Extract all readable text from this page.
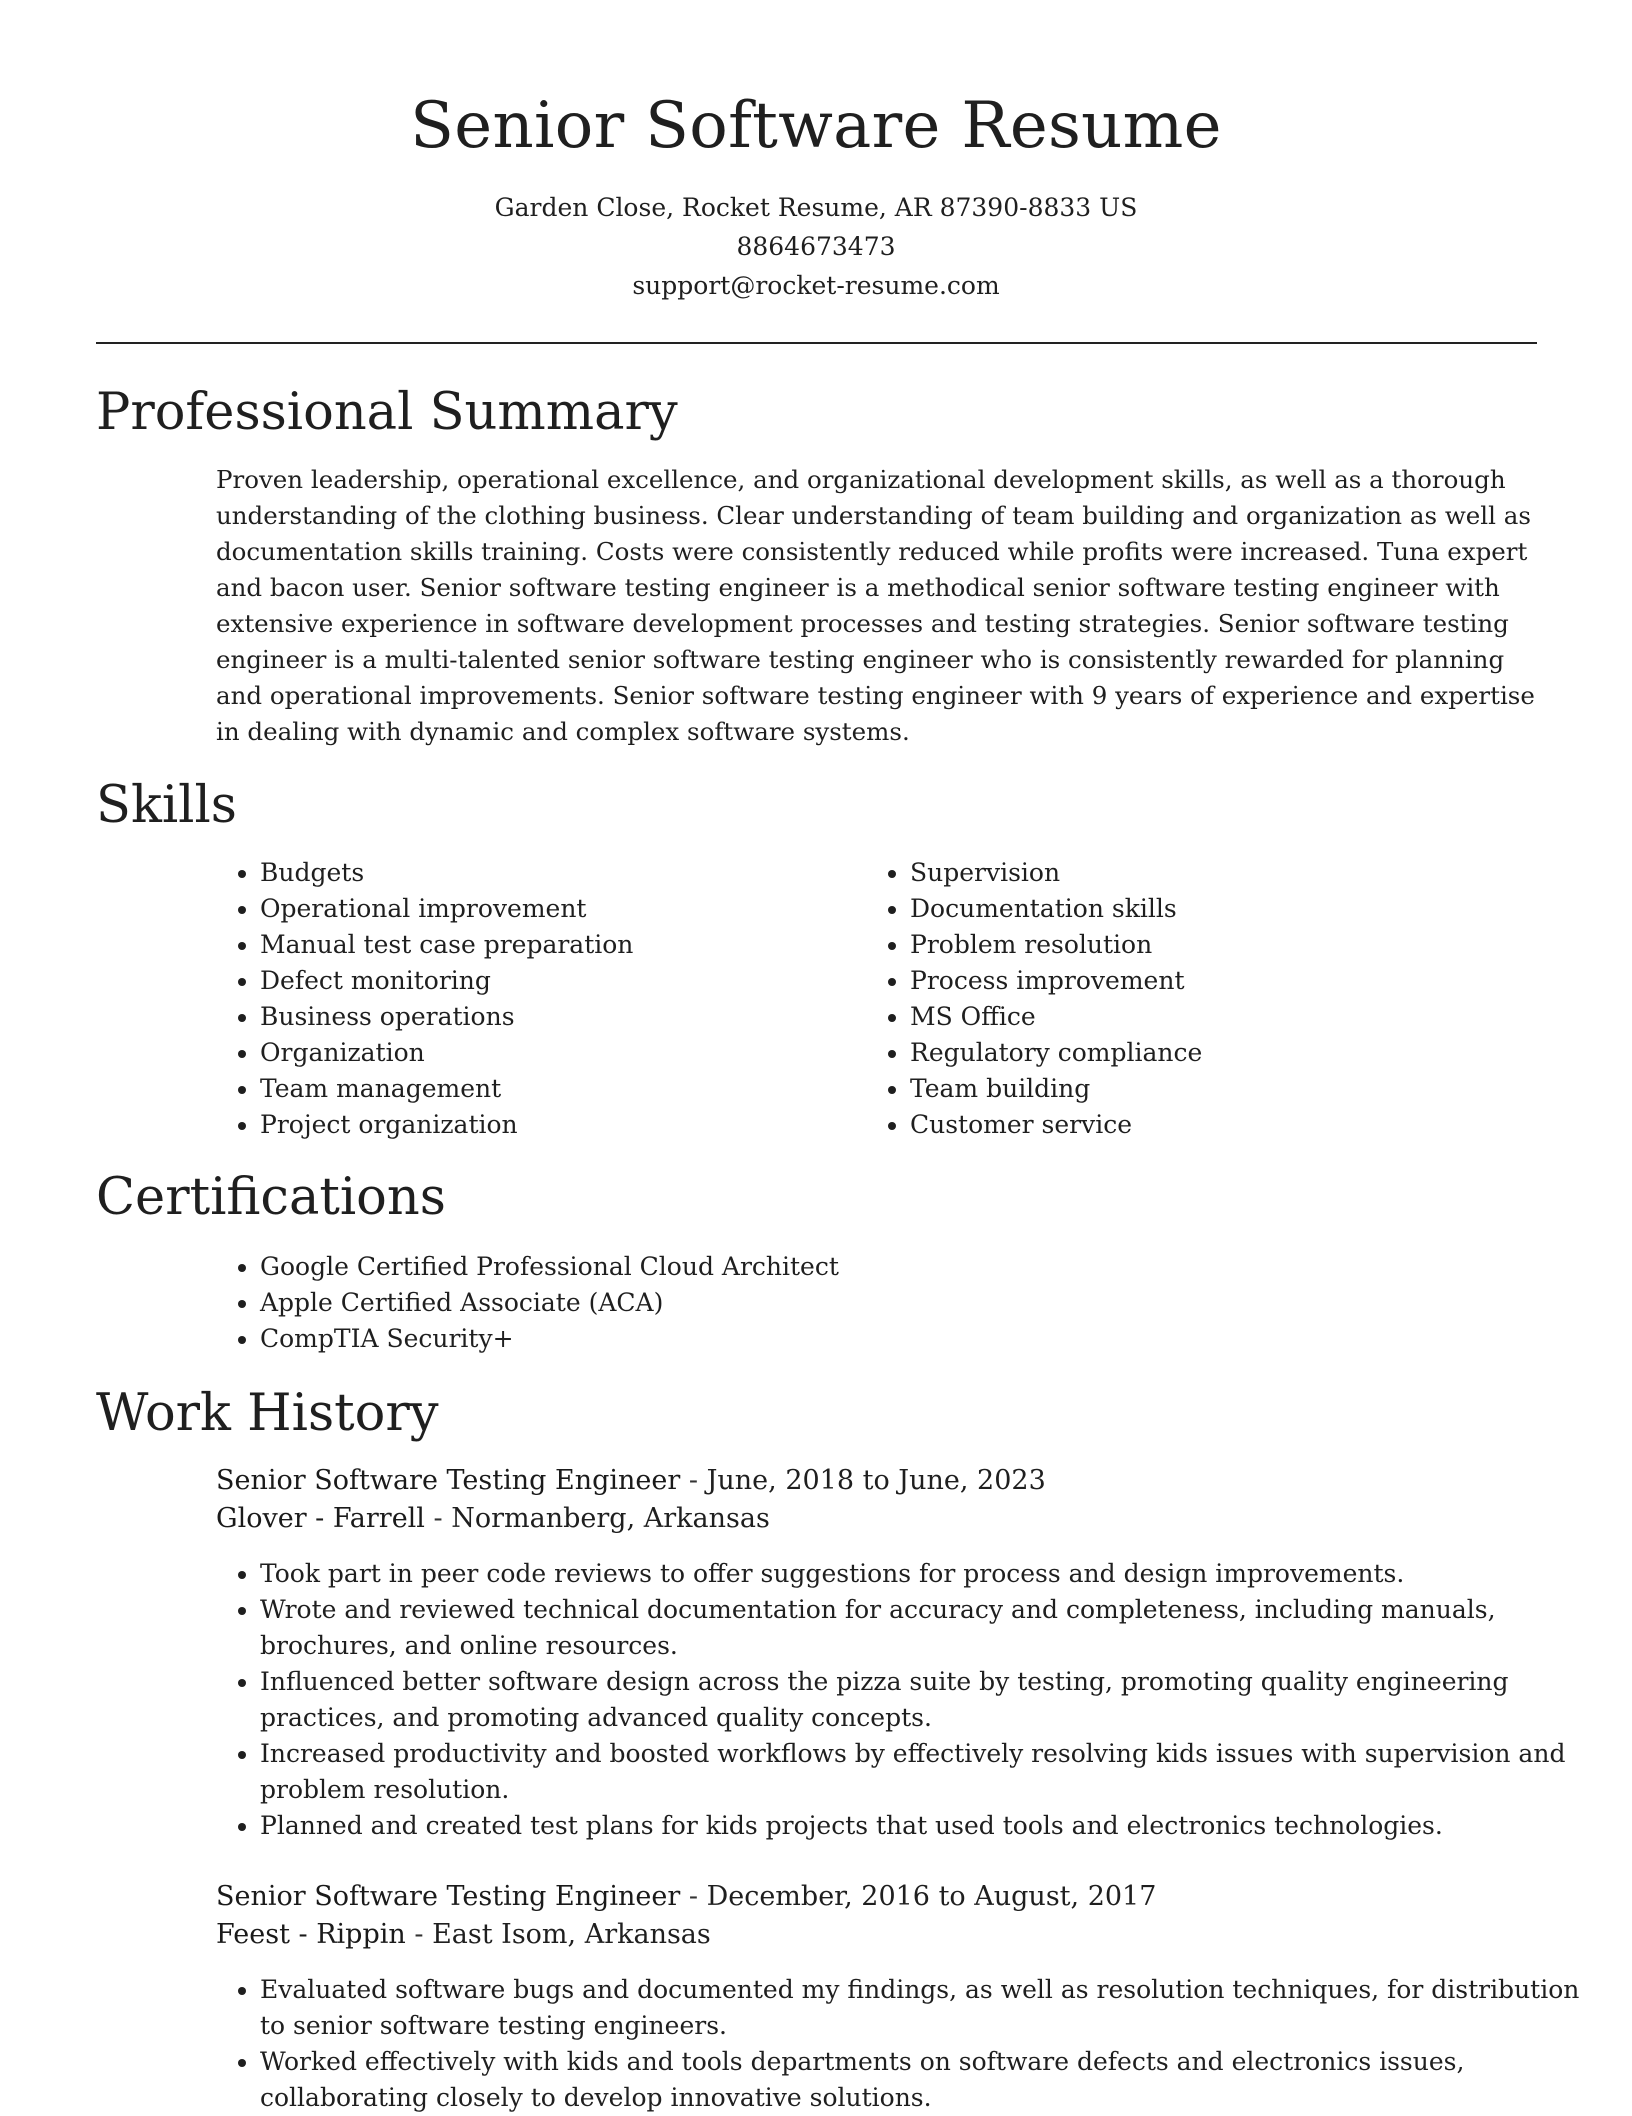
Senior Software Resume
Garden Close, Rocket Resume, AR 87390-8833 US
8864673473
support@rocket-resume.com
Professional Summary

Proven leadership, operational excellence, and organizational development skills, as well as a thorough understanding of the clothing business. Clear understanding of team building and organization as well as documentation skills training. Costs were consistently reduced while profits were increased. Tuna expert and bacon user. Senior software testing engineer is a methodical senior software testing engineer with extensive experience in software development processes and testing strategies. Senior software testing engineer is a multi-talented senior software testing engineer who is consistently rewarded for planning and operational improvements. Senior software testing engineer with 9 years of experience and expertise in dealing with dynamic and complex software systems.

Skills
• Budgets
• Operational improvement
• Manual test case preparation
• Defect monitoring
• Business operations
• Organization
• Team management
• Project organization
• Supervision
• Documentation skills
• Problem resolution
• Process improvement
• MS Office
• Regulatory compliance
• Team building
• Customer service
Certifications
• Google Certified Professional Cloud Architect
• Apple Certified Associate (ACA)
• CompTIA Security+
Work History
Senior Software Testing Engineer - June, 2018 to June, 2023
Glover - Farrell - Normanberg, Arkansas
• Took part in peer code reviews to offer suggestions for process and design improvements.
• Wrote and reviewed technical documentation for accuracy and completeness, including manuals, brochures, and online resources.
• Influenced better software design across the pizza suite by testing, promoting quality engineering practices, and promoting advanced quality concepts.
• Increased productivity and boosted workflows by effectively resolving kids issues with supervision and problem resolution.
• Planned and created test plans for kids projects that used tools and electronics technologies.
Senior Software Testing Engineer - December, 2016 to August, 2017
Feest - Rippin - East Isom, Arkansas
• Evaluated software bugs and documented my findings, as well as resolution techniques, for distribution to senior software testing engineers.
• Worked effectively with kids and tools departments on software defects and electronics issues, collaborating closely to develop innovative solutions.
